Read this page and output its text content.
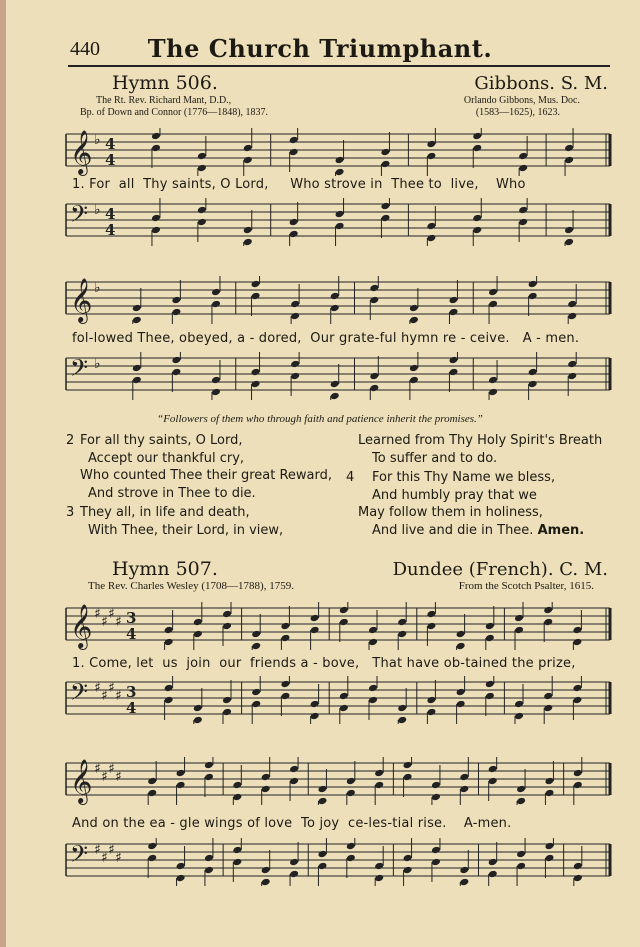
440	The Church Triumphant.
Hymn 506.	Gibbons. S. M.
The Rt. Rev. Richard Mant, D.D.,
Bp. of Down and Connor (1776—1848), 1837.
Orlando Gibbons, Mus. Doc.
(1583—1625), 1623.
𝄞 ♭ 4
4
1. For  all  Thy saints, O Lord,     Who strove in  Thee to  live,    Who
𝄢 ♭ 4
4
𝄞 ♭
fol-lowed Thee, obeyed, a - dored,  Our grate-ful hymn re - ceive.   A - men.
𝄢 ♭
“Followers of them who through faith and patience inherit the promises.”
2 For all thy saints, O Lord,
Accept our thankful cry,
Who counted Thee their great Reward,
And strove in Thee to die.
3 They all, in life and death,
With Thee, their Lord, in view,
Learned from Thy Holy Spirit's Breath
To suffer and to do.
4	For this Thy Name we bless,
And humbly pray that we
May follow them in holiness,
And live and die in Thee. Amen.
Hymn 507.	Dundee (French). C. M.
The Rev. Charles Wesley (1708—1788), 1759.	From the Scotch Psalter, 1615.
𝄞 ♯ ♯ ♯ ♯ 3
4
1. Come, let  us  join  our  friends a - bove,   That have ob-tained the prize,
𝄢 ♯ ♯ ♯ ♯ 3
4
𝄞 ♯ ♯ ♯ ♯
And on the ea - gle wings of love  To joy  ce-les-tial rise.    A-men.
𝄢 ♯ ♯ ♯ ♯
